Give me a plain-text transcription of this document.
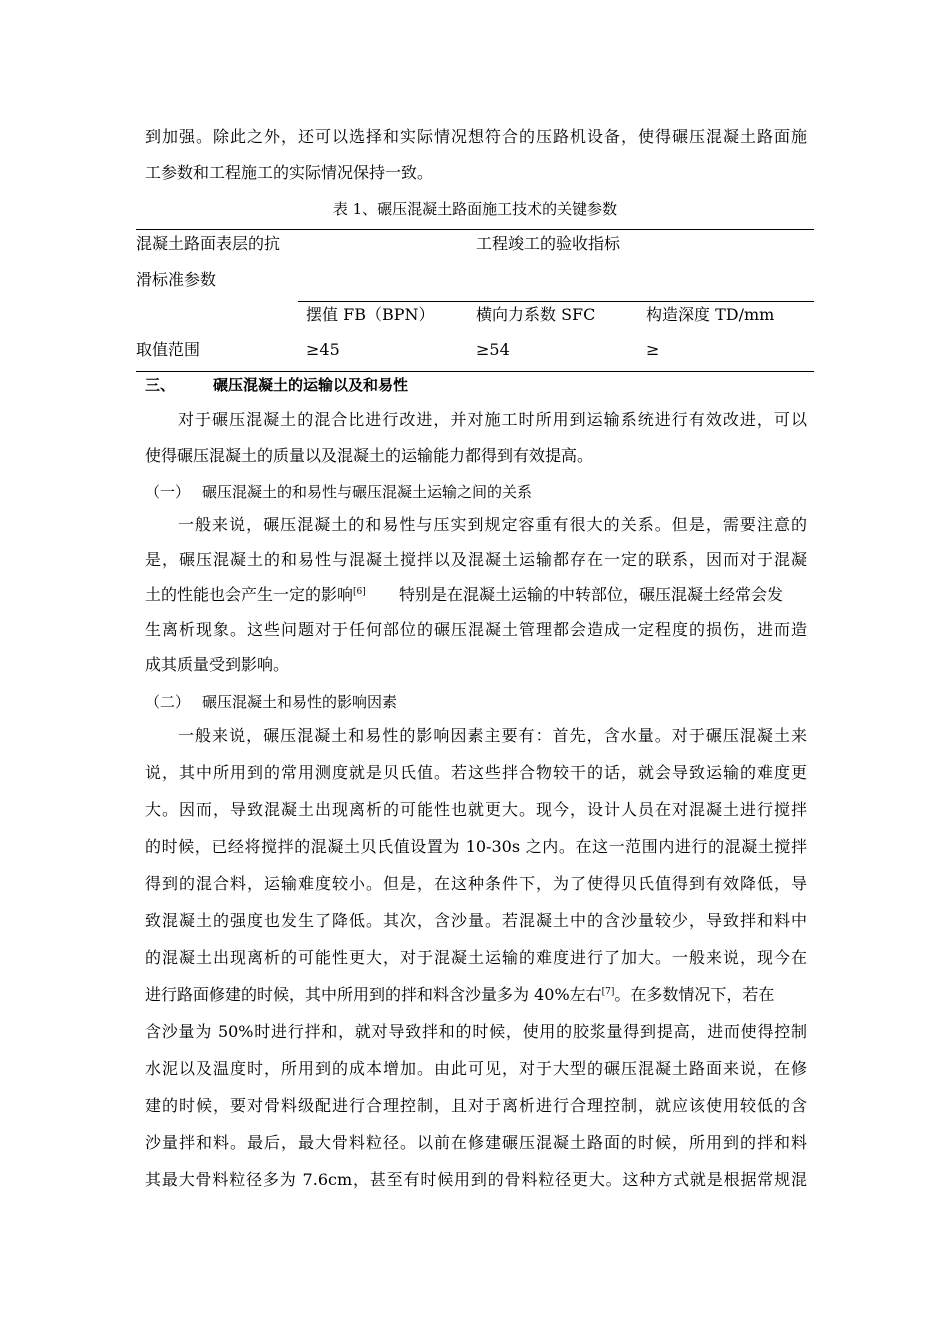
到加强。除此之外，还可以选择和实际情况想符合的压路机设备，使得碾压混凝土路面施
工参数和工程施工的实际情况保持一致。
表 1、碾压混凝土路面施工技术的关键参数
混凝土路面表层的抗
滑标准参数
工程竣工的验收指标
摆值 FB（BPN）	横向力系数 SFC	构造深度 TD/mm
取值范围	≥45	≥54	≥
三、	碾压混凝土的运输以及和易性
对于碾压混凝土的混合比进行改进，并对施工时所用到运输系统进行有效改进，可以
使得碾压混凝土的质量以及混凝土的运输能力都得到有效提高。
（一） 碾压混凝土的和易性与碾压混凝土运输之间的关系
一般来说，碾压混凝土的和易性与压实到规定容重有很大的关系。但是，需要注意的
是，碾压混凝土的和易性与混凝土搅拌以及混凝土运输都存在一定的联系，因而对于混凝
土的性能也会产生一定的影响[6] 特别是在混凝土运输的中转部位，碾压混凝土经常会发
生离析现象。这些问题对于任何部位的碾压混凝土管理都会造成一定程度的损伤，进而造
成其质量受到影响。
（二） 碾压混凝土和易性的影响因素
一般来说，碾压混凝土和易性的影响因素主要有：首先，含水量。对于碾压混凝土来
说，其中所用到的常用测度就是贝氏值。若这些拌合物较干的话，就会导致运输的难度更
大。因而，导致混凝土出现离析的可能性也就更大。现今，设计人员在对混凝土进行搅拌
的时候，已经将搅拌的混凝土贝氏值设置为 10-30s 之内。在这一范围内进行的混凝土搅拌
得到的混合料，运输难度较小。但是，在这种条件下，为了使得贝氏值得到有效降低，导
致混凝土的强度也发生了降低。其次，含沙量。若混凝土中的含沙量较少，导致拌和料中
的混凝土出现离析的可能性更大，对于混凝土运输的难度进行了加大。一般来说，现今在
进行路面修建的时候，其中所用到的拌和料含沙量多为 40%左右[7]。在多数情况下，若在
含沙量为 50%时进行拌和，就对导致拌和的时候，使用的胶浆量得到提高，进而使得控制
水泥以及温度时，所用到的成本增加。由此可见，对于大型的碾压混凝土路面来说，在修
建的时候，要对骨料级配进行合理控制，且对于离析进行合理控制，就应该使用较低的含
沙量拌和料。最后，最大骨料粒径。以前在修建碾压混凝土路面的时候，所用到的拌和料
其最大骨料粒径多为 7.6cm，甚至有时候用到的骨料粒径更大。这种方式就是根据常规混
